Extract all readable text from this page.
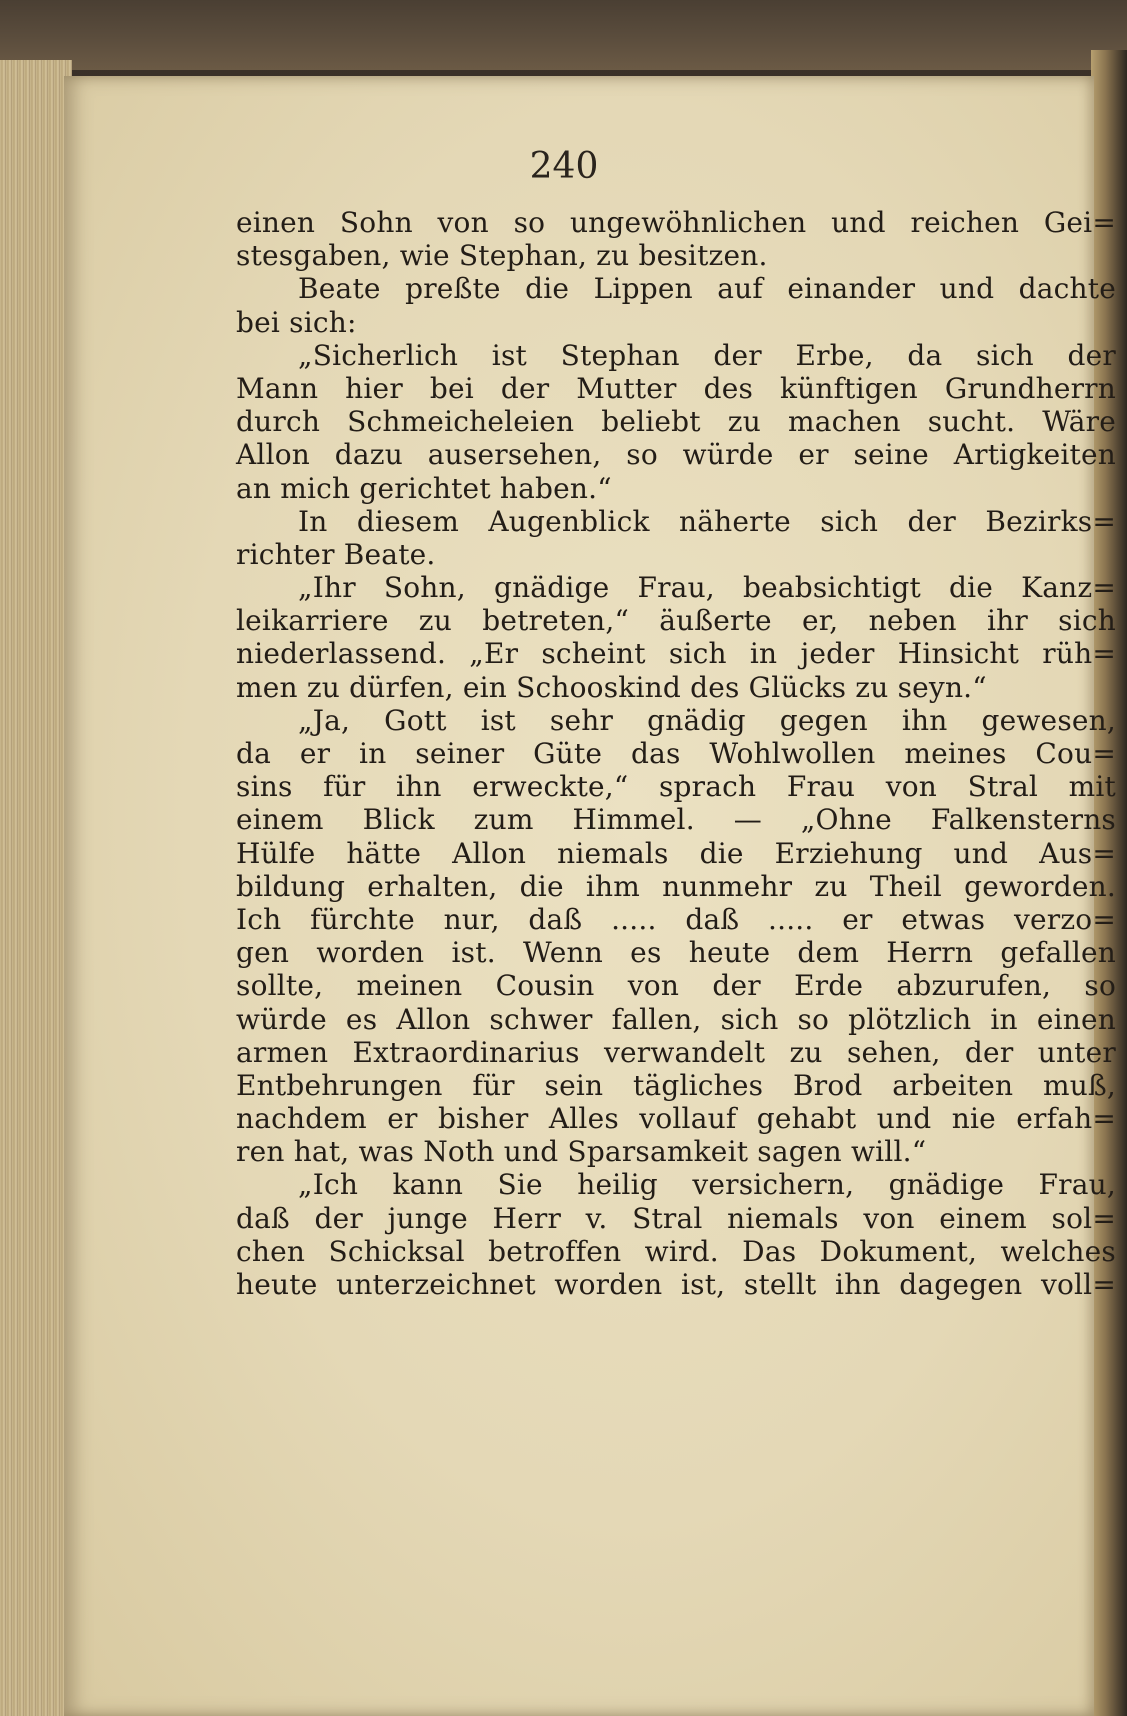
240

einen Sohn von so ungewöhnlichen und reichen Gei=
stesgaben, wie Stephan, zu besitzen.
Beate preßte die Lippen auf einander und dachte
bei sich:
„Sicherlich ist Stephan der Erbe, da sich der
Mann hier bei der Mutter des künftigen Grundherrn
durch Schmeicheleien beliebt zu machen sucht. Wäre
Allon dazu ausersehen, so würde er seine Artigkeiten
an mich gerichtet haben.“
In diesem Augenblick näherte sich der Bezirks=
richter Beate.
„Ihr Sohn, gnädige Frau, beabsichtigt die Kanz=
leikarriere zu betreten,“ äußerte er, neben ihr sich
niederlassend. „Er scheint sich in jeder Hinsicht rüh=
men zu dürfen, ein Schooskind des Glücks zu seyn.“
„Ja, Gott ist sehr gnädig gegen ihn gewesen,
da er in seiner Güte das Wohlwollen meines Cou=
sins für ihn erweckte,“ sprach Frau von Stral mit
einem Blick zum Himmel. — „Ohne Falkensterns
Hülfe hätte Allon niemals die Erziehung und Aus=
bildung erhalten, die ihm nunmehr zu Theil geworden.
Ich fürchte nur, daß ..... daß ..... er etwas verzo=
gen worden ist. Wenn es heute dem Herrn gefallen
sollte, meinen Cousin von der Erde abzurufen, so
würde es Allon schwer fallen, sich so plötzlich in einen
armen Extraordinarius verwandelt zu sehen, der unter
Entbehrungen für sein tägliches Brod arbeiten muß,
nachdem er bisher Alles vollauf gehabt und nie erfah=
ren hat, was Noth und Sparsamkeit sagen will.“
„Ich kann Sie heilig versichern, gnädige Frau,
daß der junge Herr v. Stral niemals von einem sol=
chen Schicksal betroffen wird. Das Dokument, welches
heute unterzeichnet worden ist, stellt ihn dagegen voll=
